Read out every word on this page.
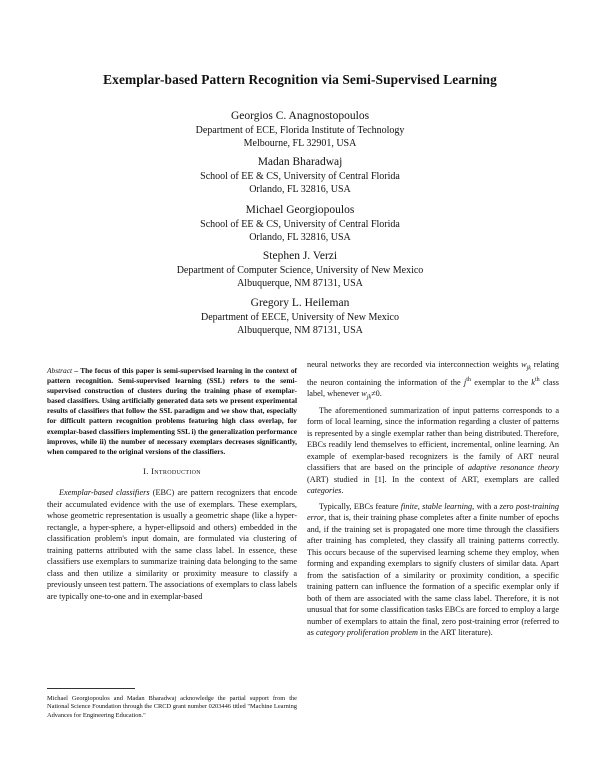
Exemplar-based Pattern Recognition via Semi-Supervised Learning
Georgios C. Anagnostopoulos
Department of ECE, Florida Institute of Technology
Melbourne, FL 32901, USA
Madan Bharadwaj
School of EE & CS, University of Central Florida
Orlando, FL 32816, USA
Michael Georgiopoulos
School of EE & CS, University of Central Florida
Orlando, FL 32816, USA
Stephen J. Verzi
Department of Computer Science, University of New Mexico
Albuquerque, NM 87131, USA
Gregory L. Heileman
Department of EECE, University of New Mexico
Albuquerque, NM 87131, USA

Abstract – The focus of this paper is semi-supervised learning in the context of pattern recognition. Semi-supervised learning (SSL) refers to the semi-supervised construction of clusters during the training phase of exemplar-based classifiers. Using artificially generated data sets we present experimental results of classifiers that follow the SSL paradigm and we show that, especially for difficult pattern recognition problems featuring high class overlap, for exemplar-based classifiers implementing SSL i) the generalization performance improves, while ii) the number of necessary exemplars decreases significantly, when compared to the original versions of the classifiers.

I. Introduction

Exemplar-based classifiers (EBC) are pattern recognizers that encode their accumulated evidence with the use of exemplars. These exemplars, whose geometric representation is usually a geometric shape (like a hyper-rectangle, a hyper-sphere, a hyper-ellipsoid and others) embedded in the classification problem's input domain, are formulated via clustering of training patterns attributed with the same class label. In essence, these classifiers use exemplars to summarize training data belonging to the same class and then utilize a similarity or proximity measure to classify a previously unseen test pattern. The associations of exemplars to class labels are typically one-to-one and in exemplar-based

neural networks they are recorded via interconnection weights $w_{jk}$ relating the neuron containing the information of the $j^{th}$ exemplar to the $k^{th}$ class label, whenever $w_{jk}\ne 0$.

The aforementioned summarization of input patterns corresponds to a form of local learning, since the information regarding a cluster of patterns is represented by a single exemplar rather than being distributed. Therefore, EBCs readily lend themselves to efficient, incremental, online learning. An example of exemplar-based recognizers is the family of ART neural classifiers that are based on the principle of adaptive resonance theory (ART) studied in [1]. In the context of ART, exemplars are called categories.

Typically, EBCs feature finite, stable learning, with a zero post-training error, that is, their training phase completes after a finite number of epochs and, if the training set is propagated one more time through the classifiers after training has completed, they classify all training patterns correctly. This occurs because of the supervised learning scheme they employ, when forming and expanding exemplars to signify clusters of similar data. Apart from the satisfaction of a similarity or proximity condition, a specific training pattern can influence the formation of a specific exemplar only if both of them are associated with the same class label. Therefore, it is not unusual that for some classification tasks EBCs are forced to employ a large number of exemplars to attain the final, zero post-training error (referred to as category proliferation problem in the ART literature).

Michael Georgiopoulos and Madan Bharadwaj acknowledge the partial support from the National Science Foundation through the CRCD grant number 0203446 titled "Machine Learning Advances for Engineering Education."
